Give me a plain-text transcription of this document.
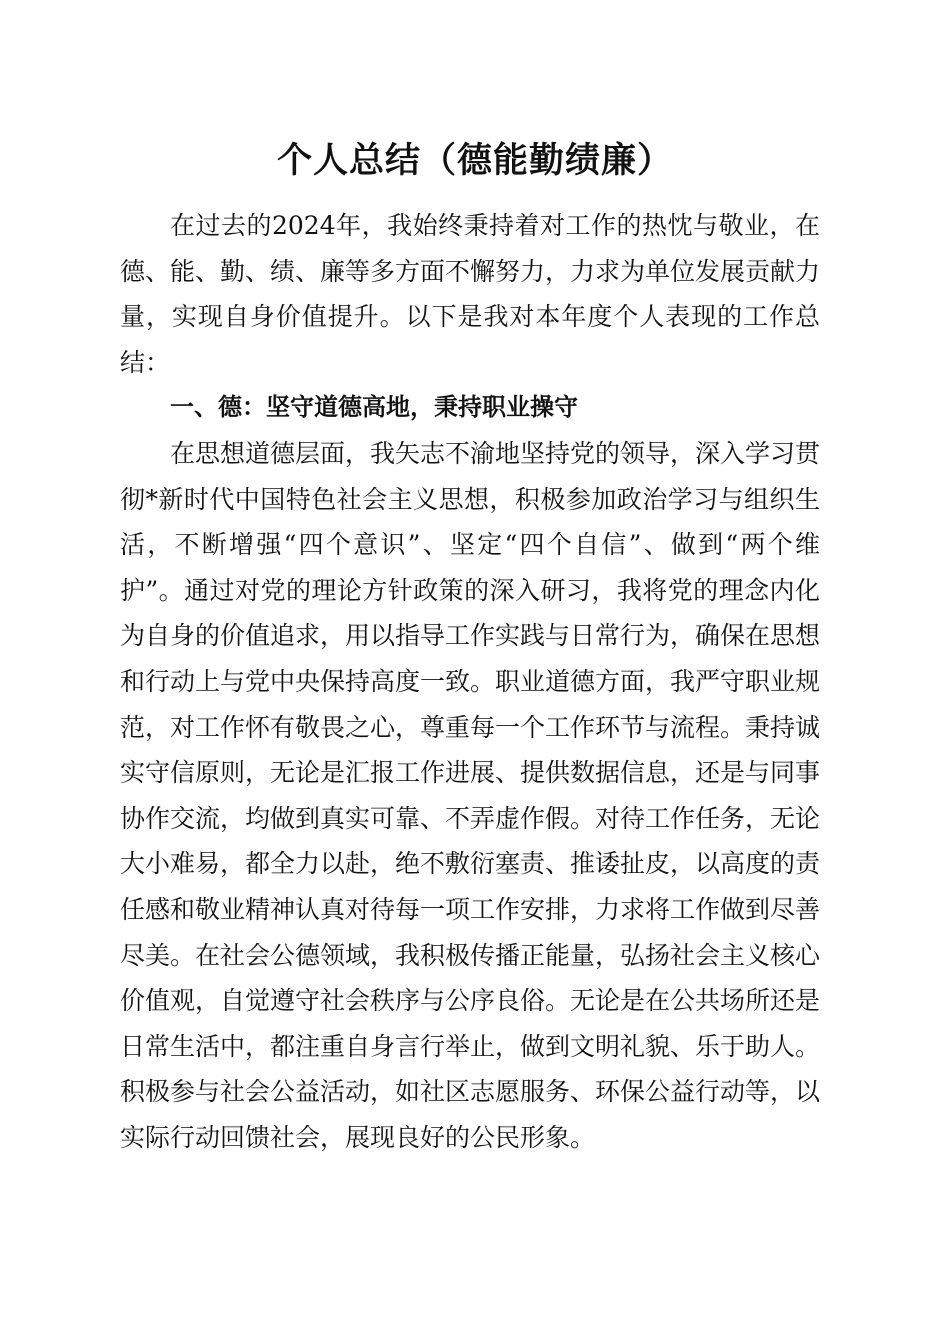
个人总结（德能勤绩廉）

在过去的2024年，我始终秉持着对工作的热忱与敬业，在德、能、勤、绩、廉等多方面不懈努力，力求为单位发展贡献力量，实现自身价值提升。以下是我对本年度个人表现的工作总结：

一、德：坚守道德高地，秉持职业操守

在思想道德层面，我矢志不渝地坚持党的领导，深入学习贯彻*新时代中国特色社会主义思想，积极参加政治学习与组织生活，不断增强“四个意识”、坚定“四个自信”、做到“两个维护”。通过对党的理论方针政策的深入研习，我将党的理念内化为自身的价值追求，用以指导工作实践与日常行为，确保在思想和行动上与党中央保持高度一致。职业道德方面，我严守职业规范，对工作怀有敬畏之心，尊重每一个工作环节与流程。秉持诚实守信原则，无论是汇报工作进展、提供数据信息，还是与同事协作交流，均做到真实可靠、不弄虚作假。对待工作任务，无论大小难易，都全力以赴，绝不敷衍塞责、推诿扯皮，以高度的责任感和敬业精神认真对待每一项工作安排，力求将工作做到尽善尽美。在社会公德领域，我积极传播正能量，弘扬社会主义核心价值观，自觉遵守社会秩序与公序良俗。无论是在公共场所还是日常生活中，都注重自身言行举止，做到文明礼貌、乐于助人。积极参与社会公益活动，如社区志愿服务、环保公益行动等，以实际行动回馈社会，展现良好的公民形象。
